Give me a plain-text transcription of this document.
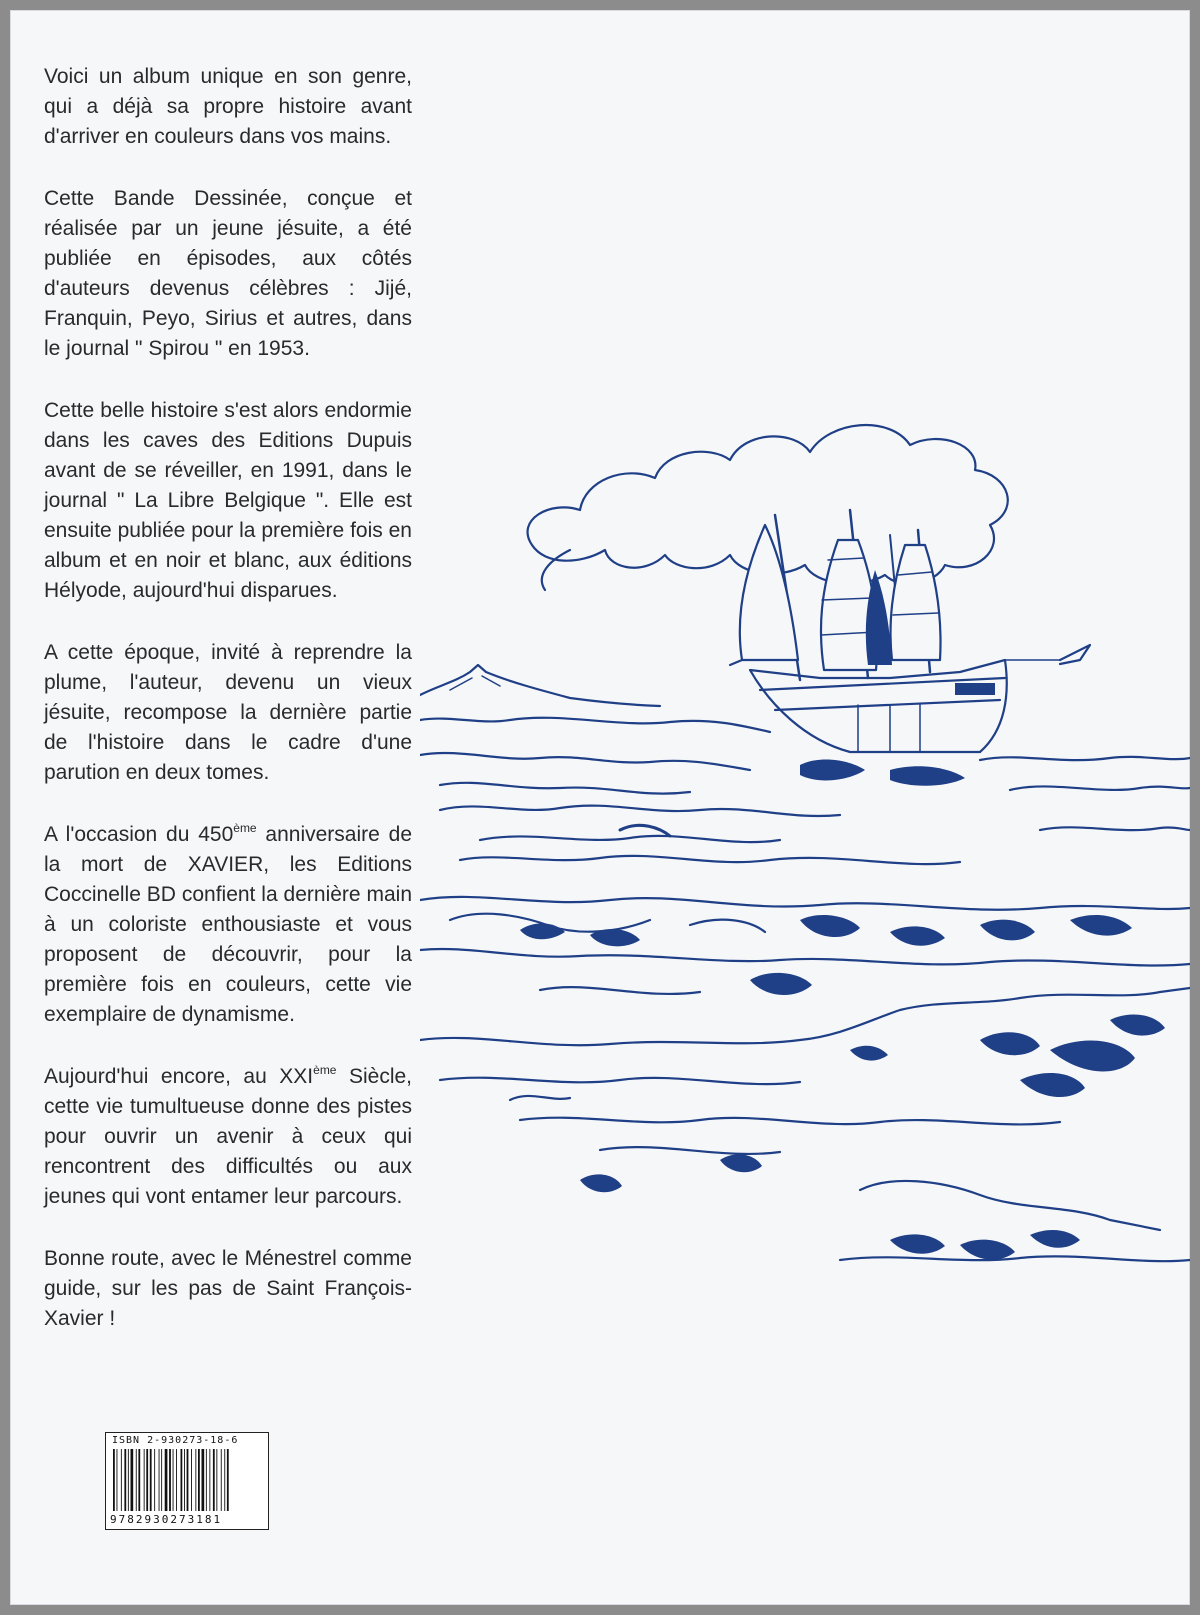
Voici un album unique en son genre, qui a déjà sa propre histoire avant d'arriver en couleurs dans vos mains.

Cette Bande Dessinée, conçue et réalisée par un jeune jésuite, a été publiée en épisodes, aux côtés d'auteurs devenus célèbres : Jijé, Franquin, Peyo, Sirius et autres, dans le journal " Spirou " en 1953.

Cette belle histoire s'est alors endormie dans les caves des Editions Dupuis avant de se réveiller, en 1991, dans le journal " La Libre Belgique ". Elle est ensuite publiée pour la première fois en album et en noir et blanc, aux éditions Hélyode, aujourd'hui disparues.

A cette époque, invité à reprendre la plume, l'auteur, devenu un vieux jésuite, recompose la dernière partie de l'histoire dans le cadre d'une parution en deux tomes.

A l'occasion du 450ème anniversaire de la mort de XAVIER, les Editions Coccinelle BD confient la dernière main à un coloriste enthousiaste et vous proposent de découvrir, pour la première fois en couleurs, cette vie exemplaire de dynamisme.

Aujourd'hui encore, au XXIème Siècle, cette vie tumultueuse donne des pistes pour ouvrir un avenir à ceux qui rencontrent des difficultés ou aux jeunes qui vont entamer leur parcours.

Bonne route, avec le Ménestrel comme guide, sur les pas de Saint François-Xavier !

ISBN 2-930273-18-6
9782930273181
